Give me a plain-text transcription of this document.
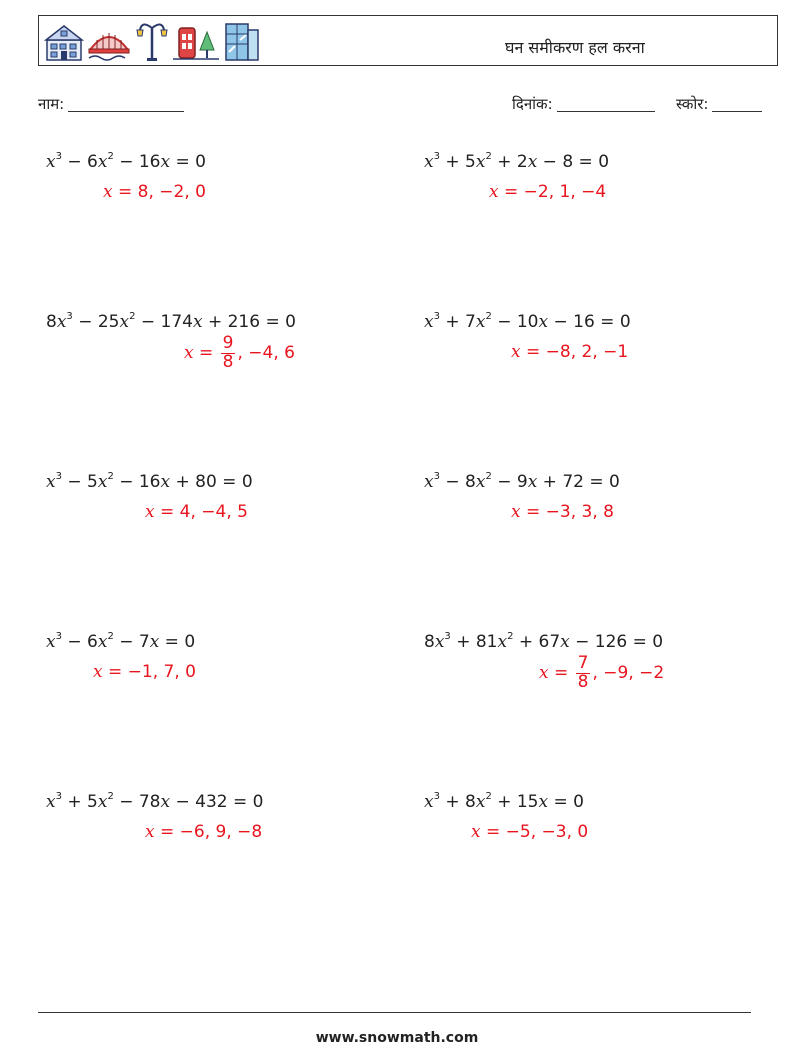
घन समीकरण हल करना
नाम:	दिनांक:	स्कोर:
$x^3 - 6x^2 - 16x = 0$
x = 8, −2, 0
$x^3 + 5x^2 + 2x - 8 = 0$
x = −2, 1, −4
$8x^3 - 25x^2 - 174x + 216 = 0$
$x = \frac{9}{8}$ , −4, 6
$x^3 + 7x^2 - 10x - 16 = 0$
x = −8, 2, −1
$x^3 - 5x^2 - 16x + 80 = 0$
x = 4, −4, 5
$x^3 - 8x^2 - 9x + 72 = 0$
x = −3, 3, 8
$x^3 - 6x^2 - 7x = 0$
x = −1, 7, 0
$8x^3 + 81x^2 + 67x - 126 = 0$
$x = \frac{7}{8}$ , −9, −2
$x^3 + 5x^2 - 78x - 432 = 0$
x = −6, 9, −8
$x^3 + 8x^2 + 15x = 0$
x = −5, −3, 0
www.snowmath.com
